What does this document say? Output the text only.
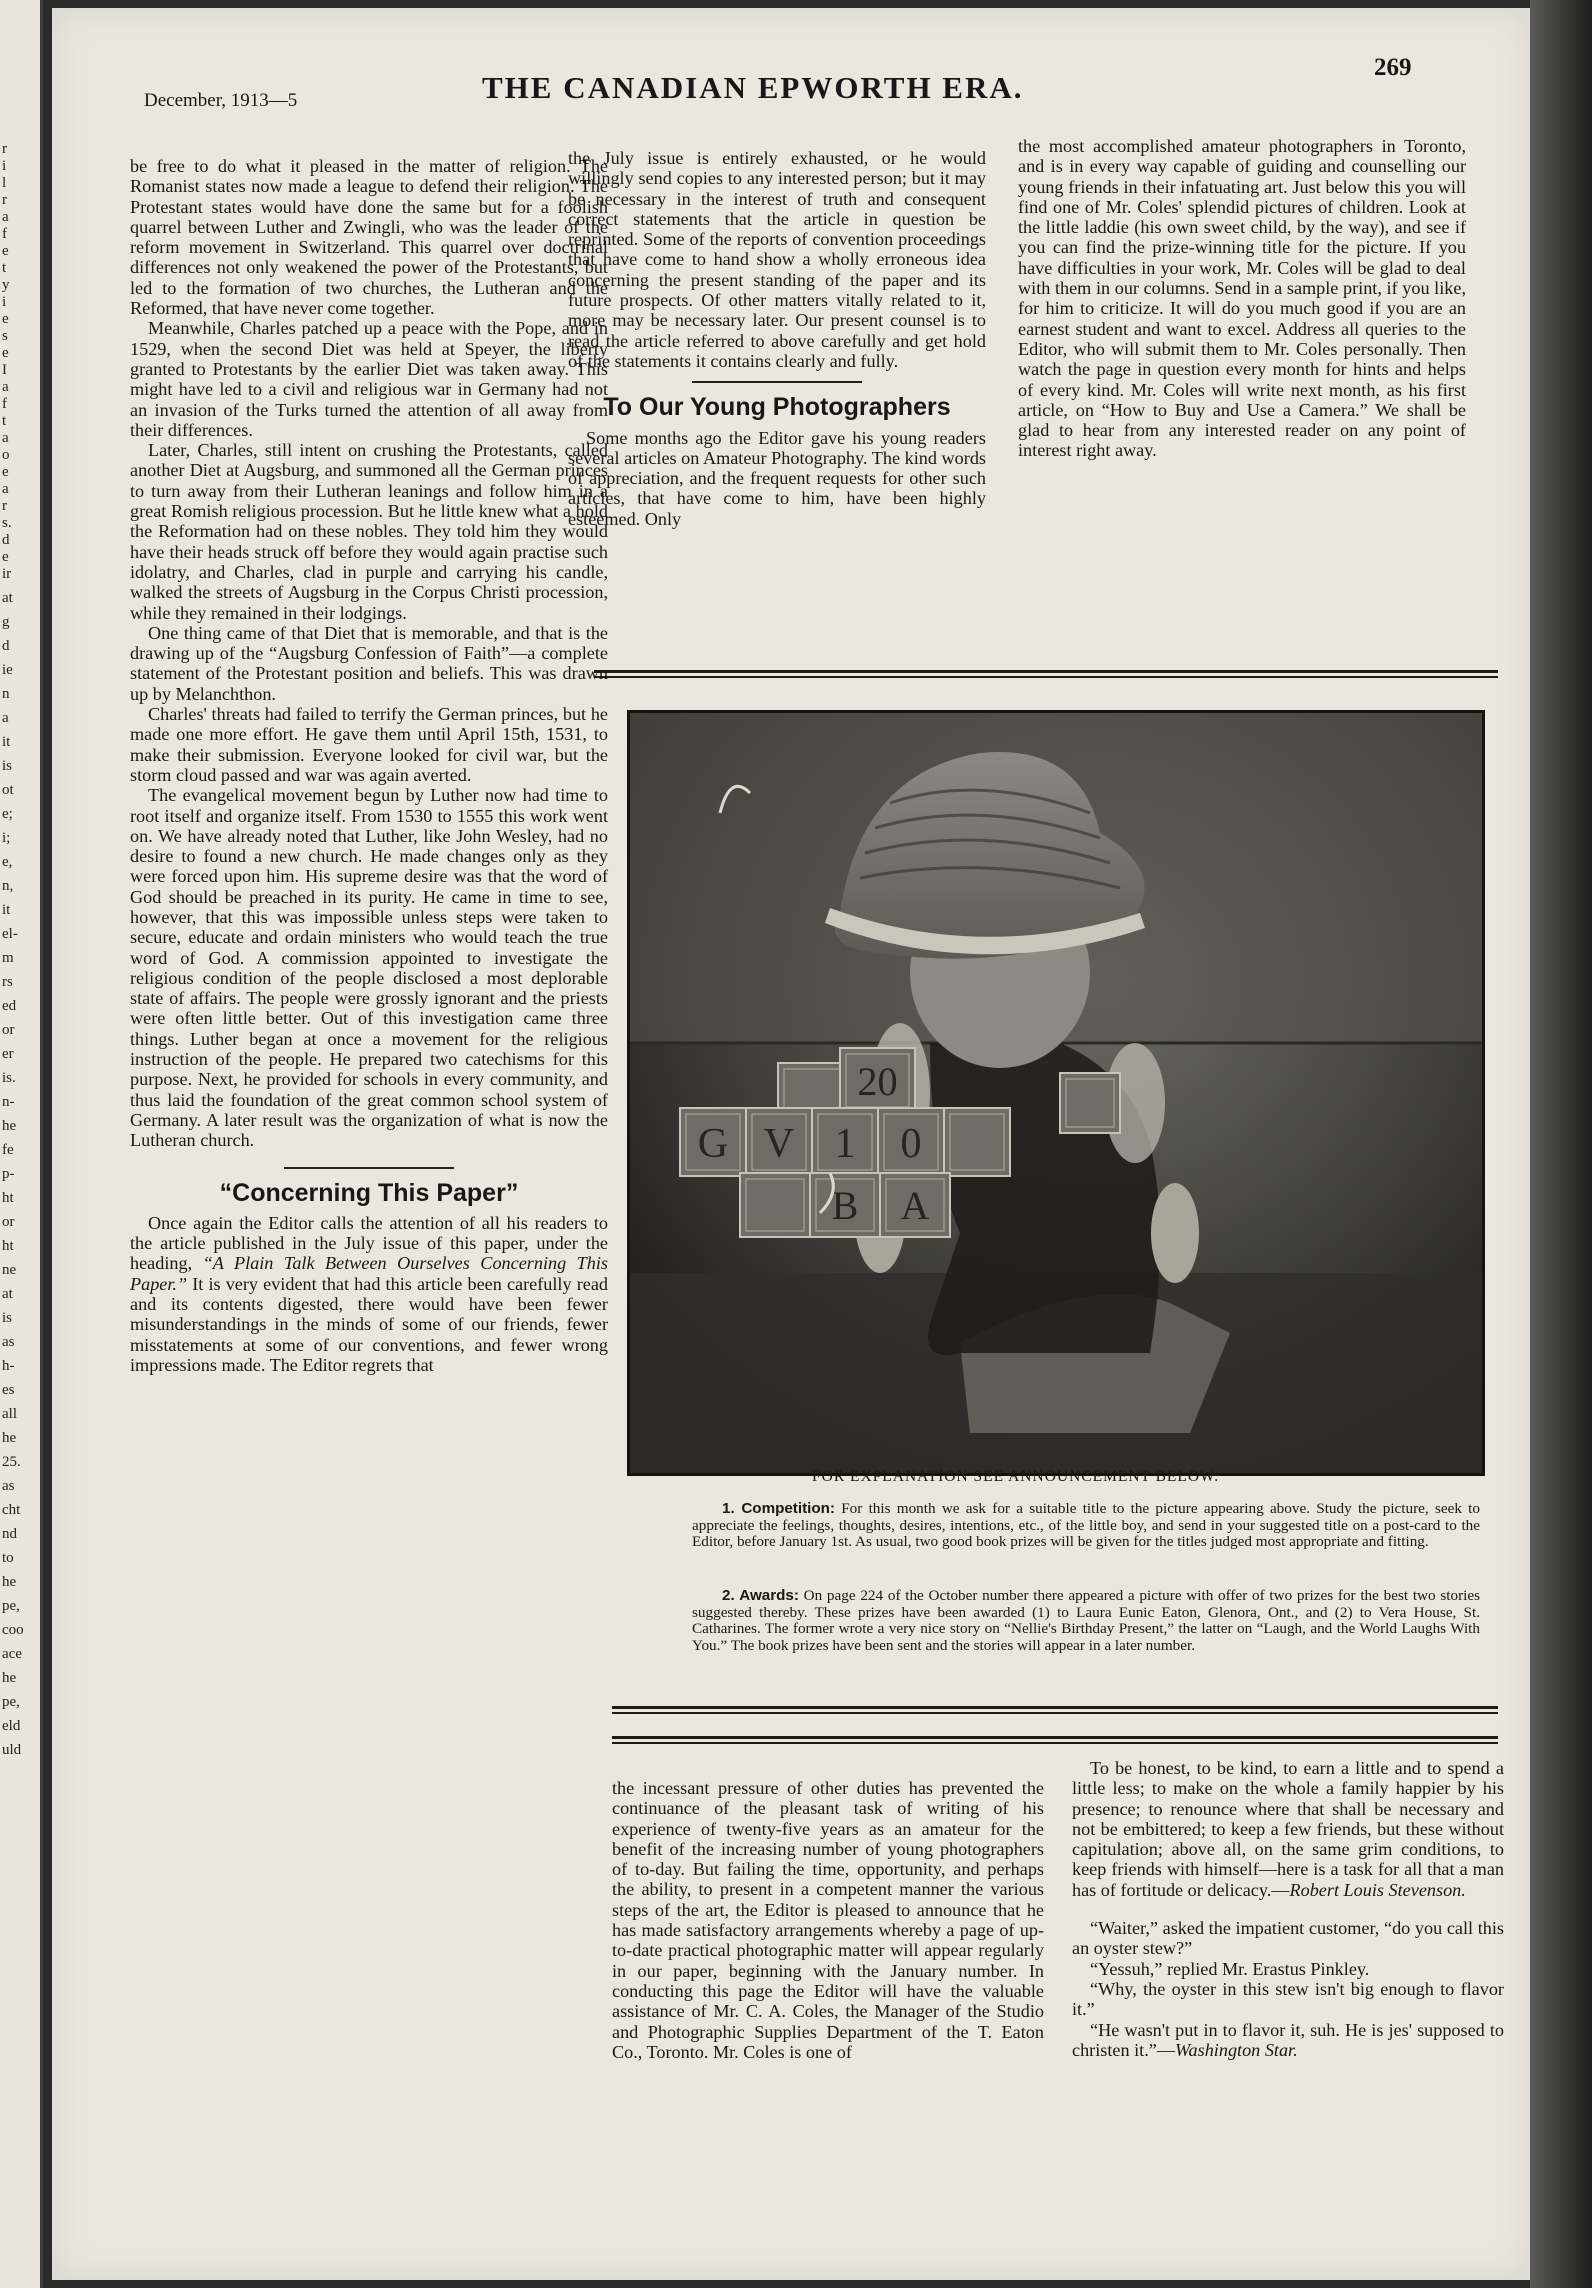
r
i
l
r
a
f
e
t
y
i
e
s
e
I
a
f
t
a
o
e
a
r
s.
d
e
ir
at
g
d
ie
n
a
it
is
ot
e;
i;
e,
n,
it
el-
m
rs
ed
or
er
is.
n-
he
fe
p-
ht
or
ht
ne
at
is
as
h-
es
all
he
25.
as
cht
nd
to
he
pe,
coo
ace
he
pe,
eld
uld
December, 1913—5	THE CANADIAN EPWORTH ERA.
269

be free to do what it pleased in the matter of religion. The Romanist states now made a league to defend their religion. The Protestant states would have done the same but for a foolish quarrel between Luther and Zwingli, who was the leader of the reform movement in Switzerland. This quarrel over doctrinal differences not only weakened the power of the Protestants, but led to the formation of two churches, the Lutheran and the Reformed, that have never come together.

Meanwhile, Charles patched up a peace with the Pope, and in 1529, when the second Diet was held at Speyer, the liberty granted to Protestants by the earlier Diet was taken away. This might have led to a civil and religious war in Germany had not an invasion of the Turks turned the attention of all away from their differences.

Later, Charles, still intent on crushing the Protestants, called another Diet at Augsburg, and summoned all the German princes to turn away from their Lutheran leanings and follow him in a great Romish religious procession. But he little knew what a hold the Reformation had on these nobles. They told him they would have their heads struck off before they would again practise such idolatry, and Charles, clad in purple and carrying his candle, walked the streets of Augsburg in the Corpus Christi procession, while they remained in their lodgings.

One thing came of that Diet that is memorable, and that is the drawing up of the “Augsburg Confession of Faith”—a complete statement of the Protestant position and beliefs. This was drawn up by Melanchthon.

Charles' threats had failed to terrify the German princes, but he made one more effort. He gave them until April 15th, 1531, to make their submission. Everyone looked for civil war, but the storm cloud passed and war was again averted.

The evangelical movement begun by Luther now had time to root itself and organize itself. From 1530 to 1555 this work went on. We have already noted that Luther, like John Wesley, had no desire to found a new church. He made changes only as they were forced upon him. His supreme desire was that the word of God should be preached in its purity. He came in time to see, however, that this was impossible unless steps were taken to secure, educate and ordain ministers who would teach the true word of God. A commission appointed to investigate the religious condition of the people disclosed a most deplorable state of affairs. The people were grossly ignorant and the priests were often little better. Out of this investigation came three things. Luther began at once a movement for the religious instruction of the people. He prepared two catechisms for this purpose. Next, he provided for schools in every community, and thus laid the foundation of the great common school system of Germany. A later result was the organization of what is now the Lutheran church.

“Concerning This Paper”

Once again the Editor calls the attention of all his readers to the article published in the July issue of this paper, under the heading, “A Plain Talk Between Ourselves Concerning This Paper.” It is very evident that had this article been carefully read and its contents digested, there would have been fewer misunderstandings in the minds of some of our friends, fewer misstatements at some of our conventions, and fewer wrong impressions made. The Editor regrets that

the July issue is entirely exhausted, or he would willingly send copies to any interested person; but it may be necessary in the interest of truth and consequent correct statements that the article in question be reprinted. Some of the reports of convention proceedings that have come to hand show a wholly erroneous idea concerning the present standing of the paper and its future prospects. Of other matters vitally related to it, more may be necessary later. Our present counsel is to read the article referred to above carefully and get hold of the statements it contains clearly and fully.

To Our Young Photographers

Some months ago the Editor gave his young readers several articles on Amateur Photography. The kind words of appreciation, and the frequent requests for other such articles, that have come to him, have been highly esteemed. Only

the most accomplished amateur photographers in Toronto, and is in every way capable of guiding and counselling our young friends in their infatuating art. Just below this you will find one of Mr. Coles' splendid pictures of children. Look at the little laddie (his own sweet child, by the way), and see if you can find the prize-winning title for the picture. If you have difficulties in your work, Mr. Coles will be glad to deal with them in our columns. Send in a sample print, if you like, for him to criticize. It will do you much good if you are an earnest student and want to excel. Address all queries to the Editor, who will submit them to Mr. Coles personally. Then watch the page in question every month for hints and helps of every kind. Mr. Coles will write next month, as his first article, on “How to Buy and Use a Camera.” We shall be glad to hear from any interested reader on any point of interest right away.

20
G V 1 0
B A
FOR EXPLANATION SEE ANNOUNCEMENT BELOW.

1. Competition: For this month we ask for a suitable title to the picture appearing above. Study the picture, seek to appreciate the feelings, thoughts, desires, intentions, etc., of the little boy, and send in your suggested title on a post-card to the Editor, before January 1st. As usual, two good book prizes will be given for the titles judged most appropriate and fitting.

2. Awards: On page 224 of the October number there appeared a picture with offer of two prizes for the best two stories suggested thereby. These prizes have been awarded (1) to Laura Eunic Eaton, Glenora, Ont., and (2) to Vera House, St. Catharines. The former wrote a very nice story on “Nellie's Birthday Present,” the latter on “Laugh, and the World Laughs With You.” The book prizes have been sent and the stories will appear in a later number.

the incessant pressure of other duties has prevented the continuance of the pleasant task of writing of his experience of twenty-five years as an amateur for the benefit of the increasing number of young photographers of to-day. But failing the time, opportunity, and perhaps the ability, to present in a competent manner the various steps of the art, the Editor is pleased to announce that he has made satisfactory arrangements whereby a page of up-to-date practical photographic matter will appear regularly in our paper, beginning with the January number. In conducting this page the Editor will have the valuable assistance of Mr. C. A. Coles, the Manager of the Studio and Photographic Supplies Department of the T. Eaton Co., Toronto. Mr. Coles is one of

To be honest, to be kind, to earn a little and to spend a little less; to make on the whole a family happier by his presence; to renounce where that shall be necessary and not be embittered; to keep a few friends, but these without capitulation; above all, on the same grim conditions, to keep friends with himself—here is a task for all that a man has of fortitude or delicacy.—Robert Louis Stevenson.

“Waiter,” asked the impatient customer, “do you call this an oyster stew?”

“Yessuh,” replied Mr. Erastus Pinkley.

“Why, the oyster in this stew isn't big enough to flavor it.”

“He wasn't put in to flavor it, suh. He is jes' supposed to christen it.”—Washington Star.
